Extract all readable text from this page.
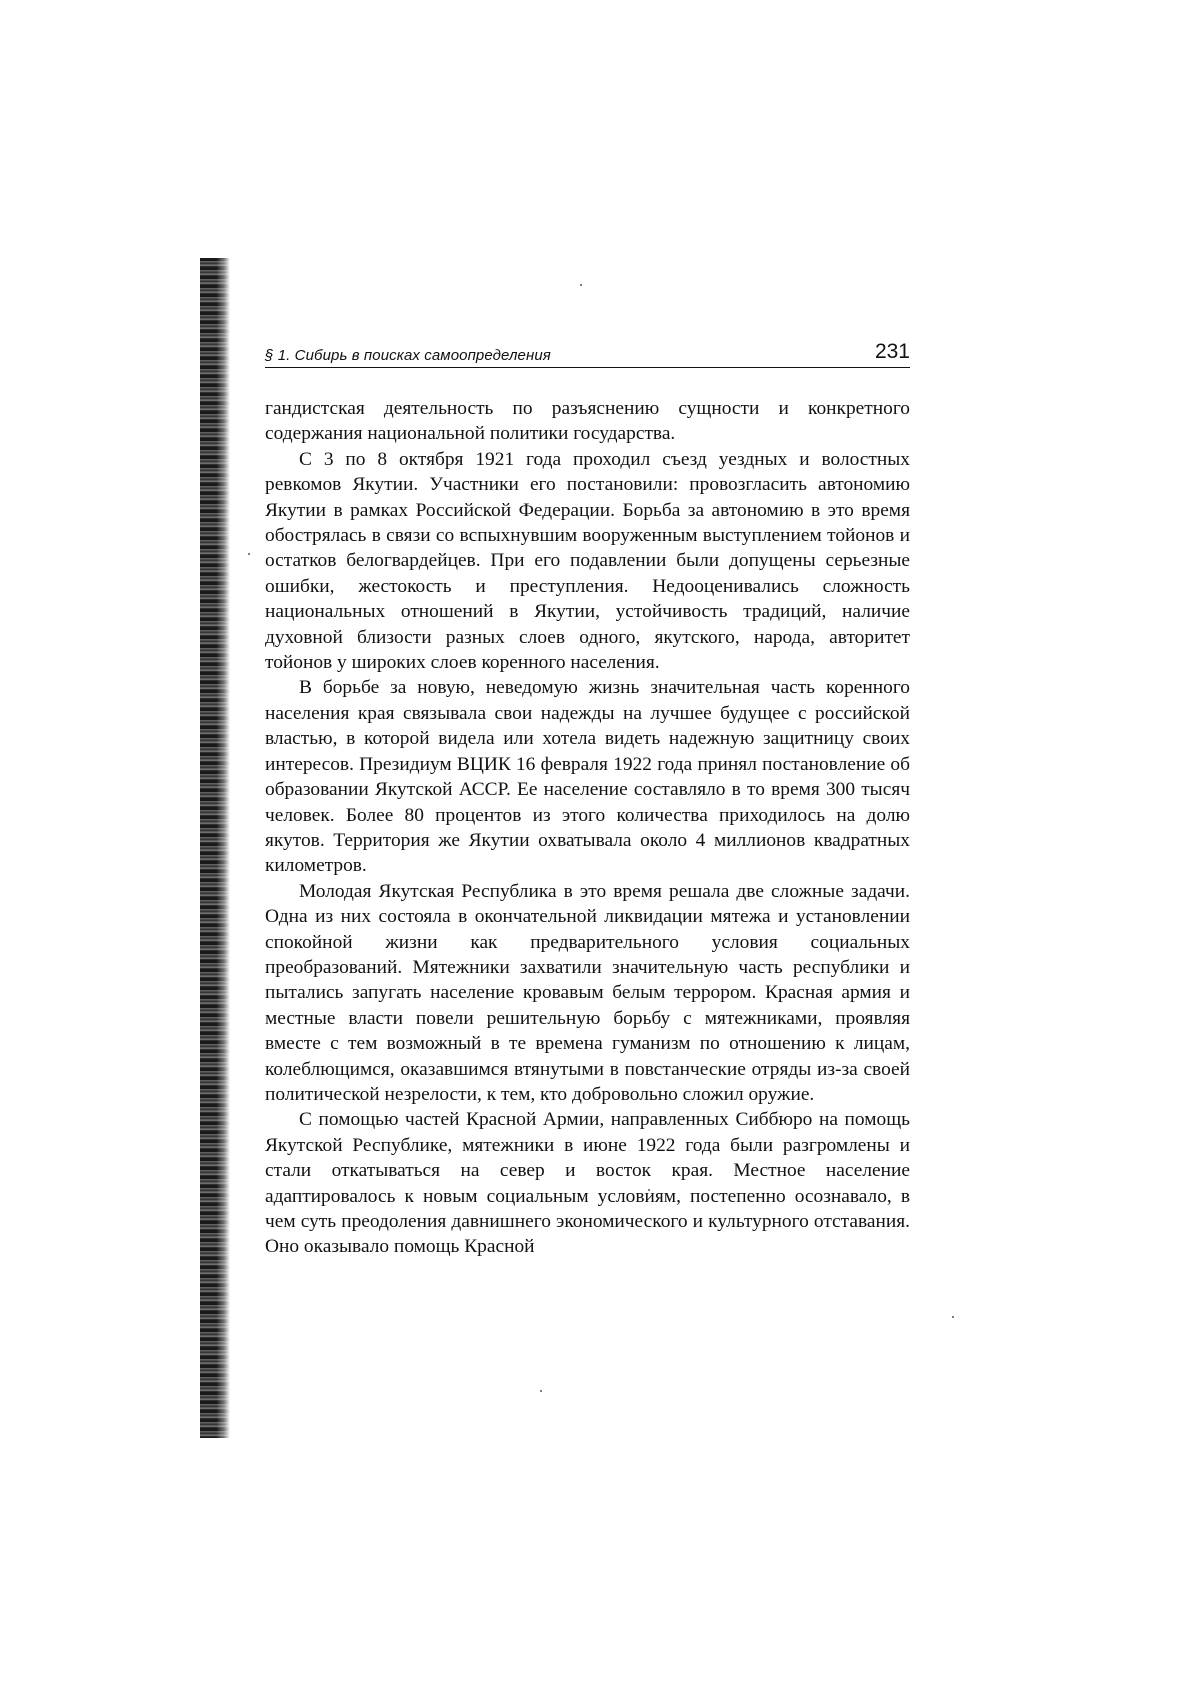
§ 1. Сибирь в поисках самоопределения	231

гандистская деятельность по разъяснению сущности и конкретного содержания национальной политики государства.

С 3 по 8 октября 1921 года проходил съезд уездных и волостных ревкомов Якутии. Участники его постановили: провозгласить автономию Якутии в рамках Российской Федерации. Борьба за автономию в это время обострялась в связи со вспыхнувшим вооруженным выступлением тойонов и остатков белогвардейцев. При его подавлении были допущены серьезные ошибки, жестокость и преступления. Недооценивались сложность национальных отношений в Якутии, устойчивость традиций, наличие духовной близости разных слоев одного, якутского, народа, авторитет тойонов у широких слоев коренного населения.

В борьбе за новую, неведомую жизнь значительная часть коренного населения края связывала свои надежды на лучшее будущее с российской властью, в которой видела или хотела видеть надежную защитницу своих интересов. Президиум ВЦИК 16 февраля 1922 года принял постановление об образовании Якутской АССР. Ее население составляло в то время 300 тысяч человек. Более 80 процентов из этого количества приходилось на долю якутов. Территория же Якутии охватывала около 4 миллионов квадратных километров.

Молодая Якутская Республика в это время решала две сложные задачи. Одна из них состояла в окончательной ликвидации мятежа и установлении спокойной жизни как предварительного условия социальных преобразований. Мятежники захватили значительную часть республики и пытались запугать население кровавым белым террором. Красная армия и местные власти повели решительную борьбу с мятежниками, проявляя вместе с тем возможный в те времена гуманизм по отношению к лицам, колеблющимся, оказавшимся втянутыми в повстанческие отряды из-за своей политической незрелости, к тем, кто добровольно сложил оружие.

С помощью частей Красной Армии, направленных Сиббюро на помощь Якутской Республике, мятежники в июне 1922 года были разгромлены и стали откатываться на север и восток края. Местное население адаптировалось к новым социальным условиям, постепенно осознавало, в чем суть преодоления давнишнего экономического и культурного отставания. Оно оказывало помощь Красной
